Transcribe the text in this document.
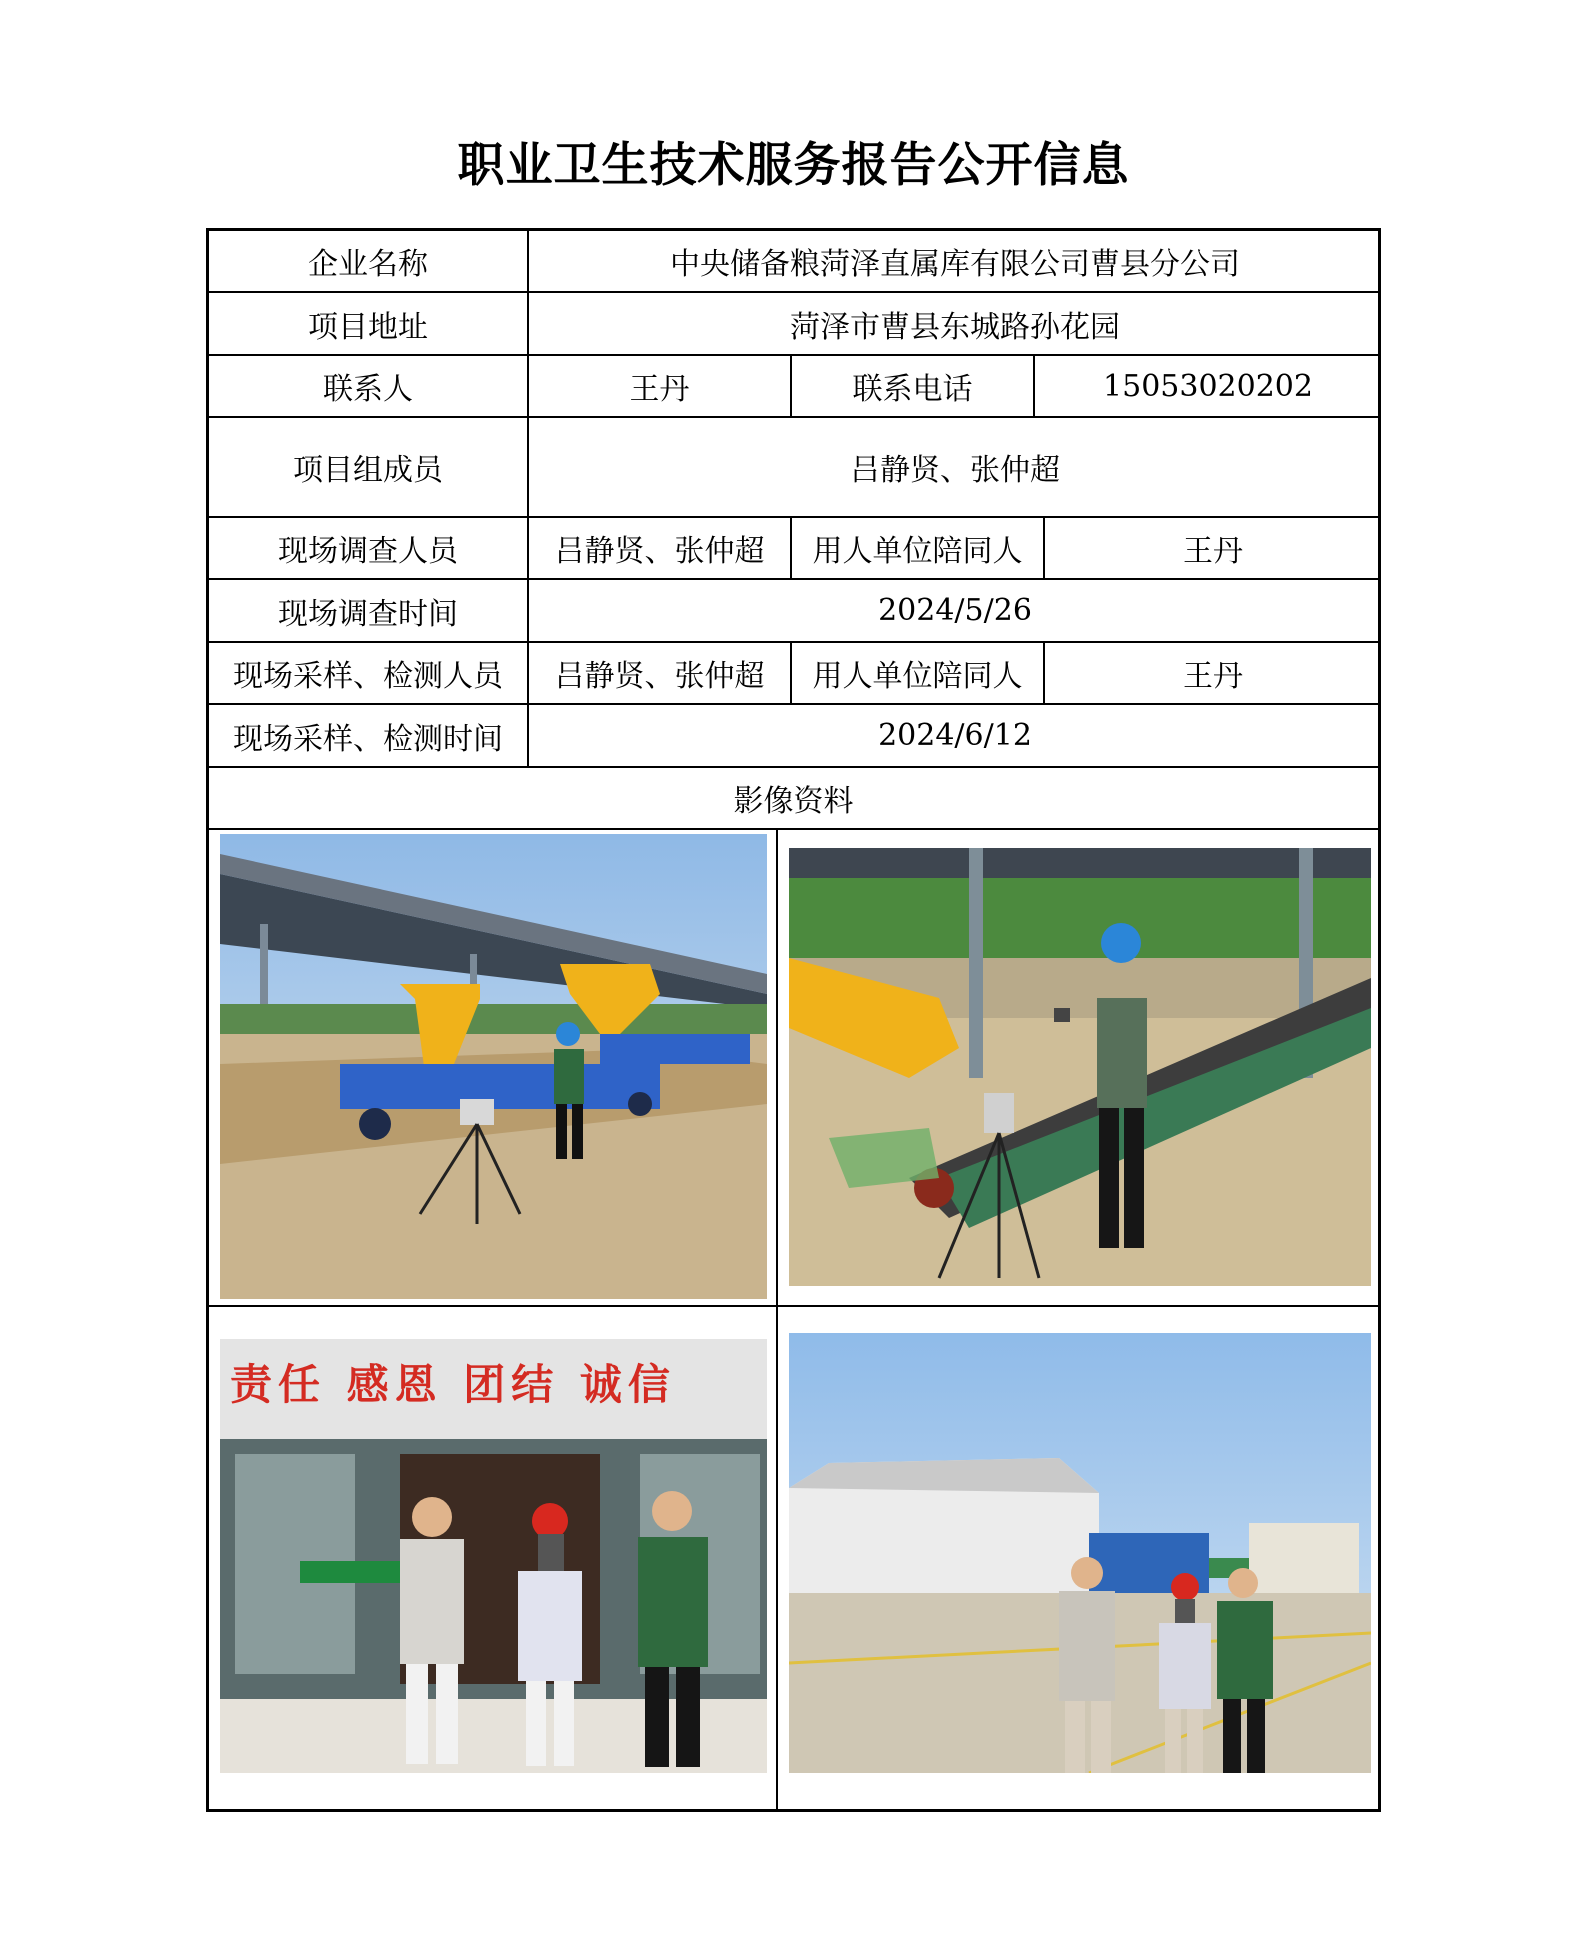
职业卫生技术服务报告公开信息
企业名称	中央储备粮菏泽直属库有限公司曹县分公司
项目地址	菏泽市曹县东城路孙花园
联系人	王丹	联系电话	15053020202
项目组成员	吕静贤、张仲超
现场调查人员	吕静贤、张仲超	用人单位陪同人	王丹
现场调查时间	2024/5/26
现场采样、检测人员	吕静贤、张仲超	用人单位陪同人	王丹
现场采样、检测时间	2024/6/12
影像资料
责任 感恩 团结 诚信
